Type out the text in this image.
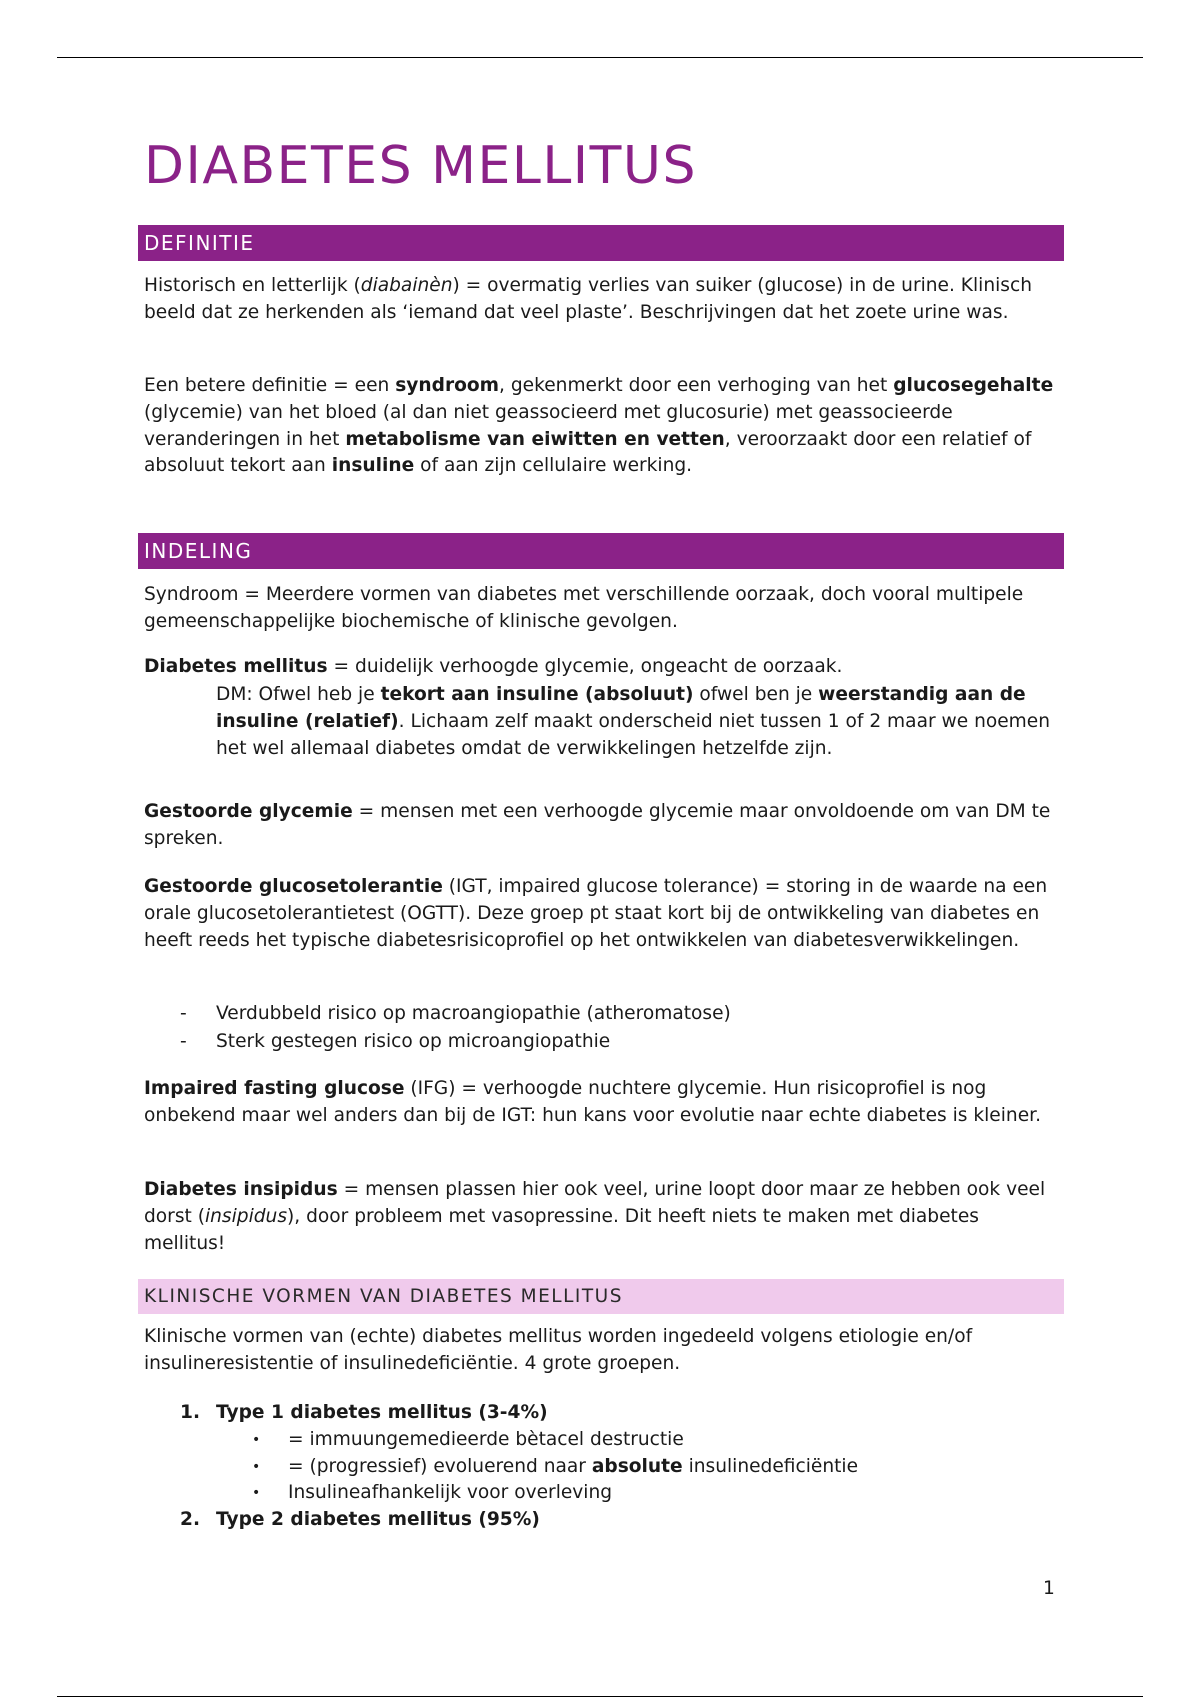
DIABETES MELLITUS
DEFINITIE

Historisch en letterlijk (diabainèn) = overmatig verlies van suiker (glucose) in de urine. Klinisch beeld dat ze herkenden als ‘iemand dat veel plaste’. Beschrijvingen dat het zoete urine was.

Een betere definitie = een syndroom, gekenmerkt door een verhoging van het glucosegehalte (glycemie) van het bloed (al dan niet geassocieerd met glucosurie) met geassocieerde veranderingen in het metabolisme van eiwitten en vetten, veroorzaakt door een relatief of absoluut tekort aan insuline of aan zijn cellulaire werking.

INDELING

Syndroom = Meerdere vormen van diabetes met verschillende oorzaak, doch vooral multipele gemeenschappelijke biochemische of klinische gevolgen.

Diabetes mellitus = duidelijk verhoogde glycemie, ongeacht de oorzaak.

DM: Ofwel heb je tekort aan insuline (absoluut) ofwel ben je weerstandig aan de insuline (relatief). Lichaam zelf maakt onderscheid niet tussen 1 of 2 maar we noemen het wel allemaal diabetes omdat de verwikkelingen hetzelfde zijn.

Gestoorde glycemie = mensen met een verhoogde glycemie maar onvoldoende om van DM te spreken.

Gestoorde glucosetolerantie (IGT, impaired glucose tolerance) = storing in de waarde na een orale glucosetolerantietest (OGTT). Deze groep pt staat kort bij de ontwikkeling van diabetes en heeft reeds het typische diabetesrisicoprofiel op het ontwikkelen van diabetesverwikkelingen.

- Verdubbeld risico op macroangiopathie (atheromatose)
- Sterk gestegen risico op microangiopathie

Impaired fasting glucose (IFG) = verhoogde nuchtere glycemie. Hun risicoprofiel is nog onbekend maar wel anders dan bij de IGT: hun kans voor evolutie naar echte diabetes is kleiner.

Diabetes insipidus = mensen plassen hier ook veel, urine loopt door maar ze hebben ook veel dorst (insipidus), door probleem met vasopressine. Dit heeft niets te maken met diabetes mellitus!

KLINISCHE VORMEN VAN DIABETES MELLITUS

Klinische vormen van (echte) diabetes mellitus worden ingedeeld volgens etiologie en/of insulineresistentie of insulinedeficiëntie. 4 grote groepen.

1. Type 1 diabetes mellitus (3-4%)
• = immuungemedieerde bètacel destructie
• = (progressief) evoluerend naar absolute insulinedeficiëntie
• Insulineafhankelijk voor overleving
2. Type 2 diabetes mellitus (95%)
1
